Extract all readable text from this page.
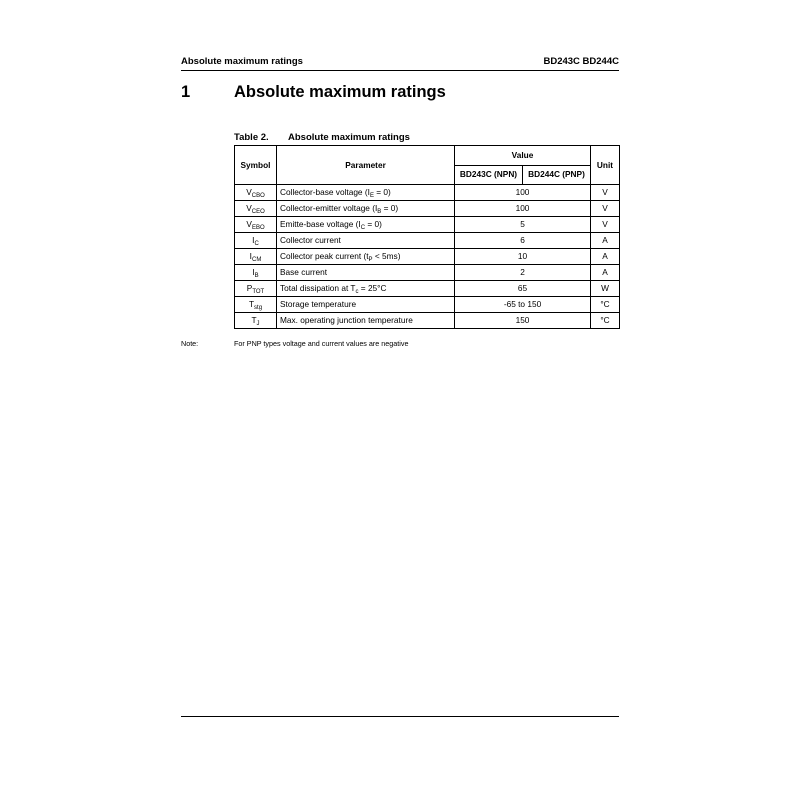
Absolute maximum ratings	BD243C BD244C
1	Absolute maximum ratings
Table 2. Absolute maximum ratings
Symbol	Parameter	Value		Unit
		BD243C (NPN)	BD244C (PNP)	
$V_{CBO}$	Collector-base voltage $(I_E = 0)$	100		V
$V_{CEO}$	Collector-emitter voltage $(I_B = 0)$	100		V
$V_{EBO}$	Emitte-base voltage $(I_C = 0)$	5		V
$I_C$	Collector current	6		A
$I_{CM}$	Collector peak current $(t_P < 5ms)$	10		A
$I_B$	Base current	2		A
$P_{TOT}$	Total dissipation at $T_c = 25^\circ C$	65		W
$T_{stg}$	Storage temperature	-65 to 150		°C
$T_J$	Max. operating junction temperature	150		°C
Note:	For PNP types voltage and current values are negative
